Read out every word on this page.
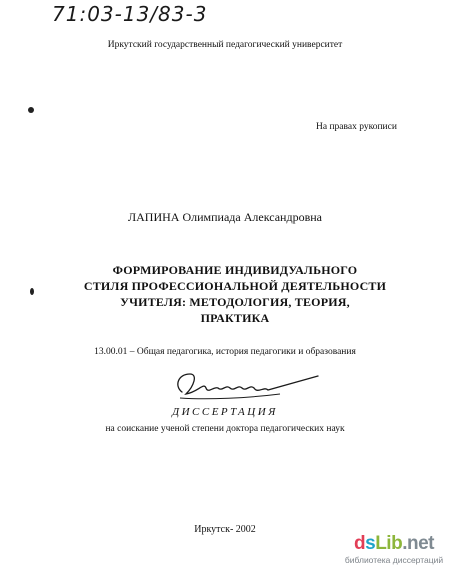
71:03-13/83-3
Иркутский государственный педагогический университет
На правах рукописи
ЛАПИНА Олимпиада Александровна
ФОРМИРОВАНИЕ ИНДИВИДУАЛЬНОГО
СТИЛЯ ПРОФЕССИОНАЛЬНОЙ ДЕЯТЕЛЬНОСТИ
УЧИТЕЛЯ: МЕТОДОЛОГИЯ, ТЕОРИЯ,
ПРАКТИКА
13.00.01 – Общая педагогика, история педагогики и образования
ДИССЕРТАЦИЯ
на соискание ученой степени доктора педагогических наук
Иркутск- 2002
dsLib.net
библиотека диссертаций
